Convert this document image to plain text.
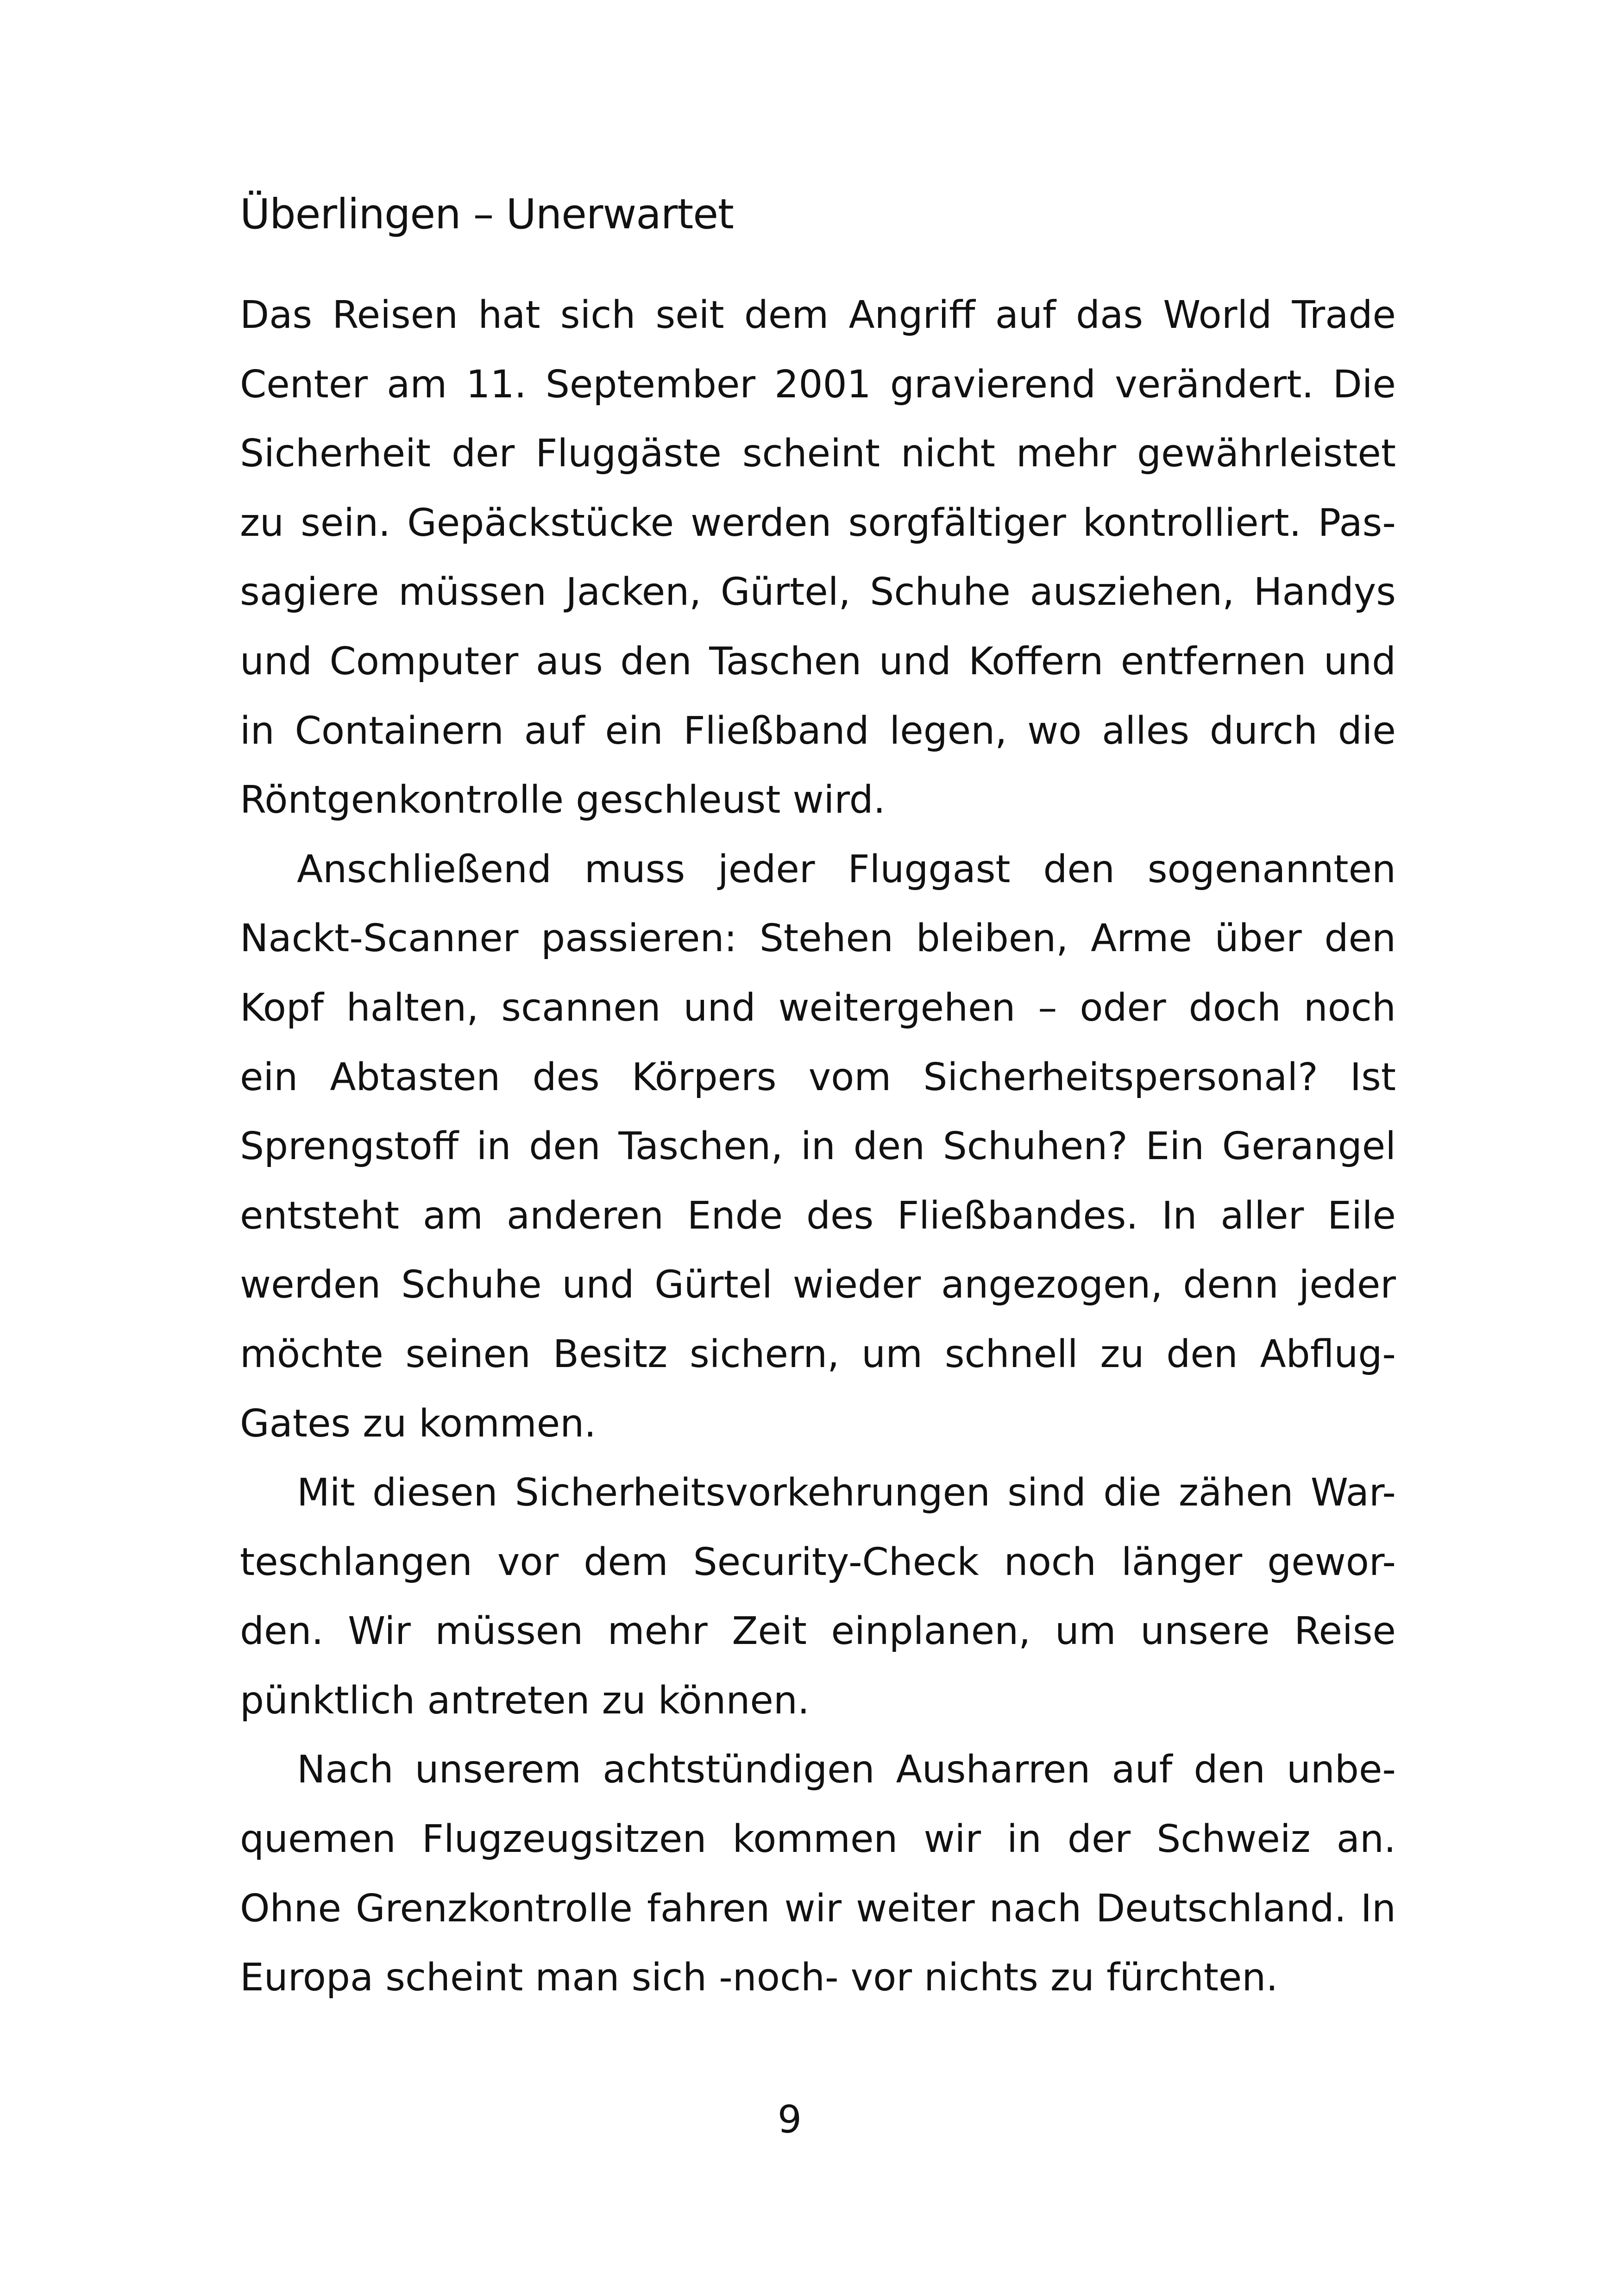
Überlingen – Unerwartet

Das Reisen hat sich seit dem Angriff auf das World Trade
Center am 11. September 2001 gravierend verändert. Die
Sicherheit der Fluggäste scheint nicht mehr gewährleistet
zu sein. Gepäckstücke werden sorgfältiger kontrolliert. Pas-
sagiere müssen Jacken, Gürtel, Schuhe ausziehen, Handys
und Computer aus den Taschen und Koffern entfernen und
in Containern auf ein Fließband legen, wo alles durch die
Röntgenkontrolle geschleust wird.

Anschließend muss jeder Fluggast den sogenannten
Nackt-Scanner passieren: Stehen bleiben, Arme über den
Kopf halten, scannen und weitergehen – oder doch noch
ein Abtasten des Körpers vom Sicherheitspersonal? Ist
Sprengstoff in den Taschen, in den Schuhen? Ein Gerangel
entsteht am anderen Ende des Fließbandes. In aller Eile
werden Schuhe und Gürtel wieder angezogen, denn jeder
möchte seinen Besitz sichern, um schnell zu den Abflug-
Gates zu kommen.

Mit diesen Sicherheitsvorkehrungen sind die zähen War-
teschlangen vor dem Security-Check noch länger gewor-
den. Wir müssen mehr Zeit einplanen, um unsere Reise
pünktlich antreten zu können.

Nach unserem achtstündigen Ausharren auf den unbe-
quemen Flugzeugsitzen kommen wir in der Schweiz an.
Ohne Grenzkontrolle fahren wir weiter nach Deutschland. In
Europa scheint man sich -noch- vor nichts zu fürchten.

9
